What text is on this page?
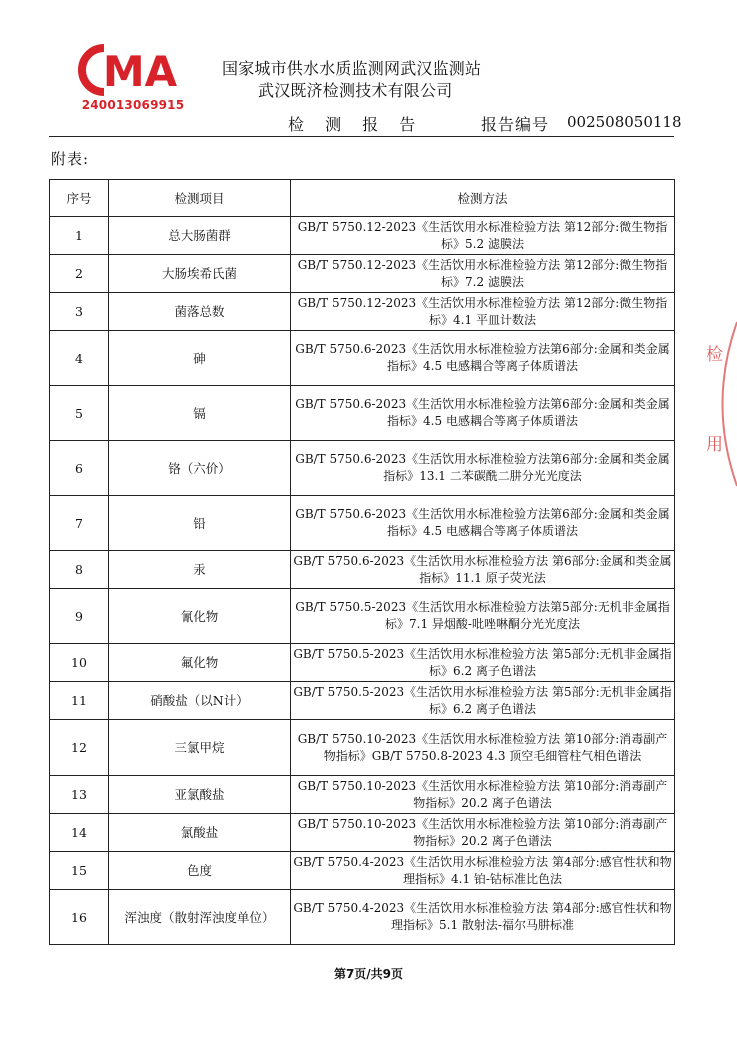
MA
240013069915
国家城市供水水质监测网武汉监测站
武汉既济检测技术有限公司
检 测 报 告	报告编号 002508050118
附表:
序号	检测项目	检测方法
1	总大肠菌群	GB/T 5750.12-2023《生活饮用水标准检验方法 第12部分:微生物指标》5.2 滤膜法
2	大肠埃希氏菌	GB/T 5750.12-2023《生活饮用水标准检验方法 第12部分:微生物指标》7.2 滤膜法
3	菌落总数	GB/T 5750.12-2023《生活饮用水标准检验方法 第12部分:微生物指标》4.1 平皿计数法
4	砷	GB/T 5750.6-2023《生活饮用水标准检验方法第6部分:金属和类金属指标》4.5 电感耦合等离子体质谱法
5	镉	GB/T 5750.6-2023《生活饮用水标准检验方法第6部分:金属和类金属指标》4.5 电感耦合等离子体质谱法
6	铬（六价）	GB/T 5750.6-2023《生活饮用水标准检验方法第6部分:金属和类金属指标》13.1 二苯碳酰二肼分光光度法
7	铅	GB/T 5750.6-2023《生活饮用水标准检验方法第6部分:金属和类金属指标》4.5 电感耦合等离子体质谱法
8	汞	GB/T 5750.6-2023《生活饮用水标准检验方法 第6部分:金属和类金属指标》11.1 原子荧光法
9	氰化物	GB/T 5750.5-2023《生活饮用水标准检验方法第5部分:无机非金属指标》7.1 异烟酸-吡唑啉酮分光光度法
10	氟化物	GB/T 5750.5-2023《生活饮用水标准检验方法 第5部分:无机非金属指标》6.2 离子色谱法
11	硝酸盐（以N计）	GB/T 5750.5-2023《生活饮用水标准检验方法 第5部分:无机非金属指标》6.2 离子色谱法
12	三氯甲烷	GB/T 5750.10-2023《生活饮用水标准检验方法 第10部分:消毒副产物指标》GB/T 5750.8-2023 4.3 顶空毛细管柱气相色谱法
13	亚氯酸盐	GB/T 5750.10-2023《生活饮用水标准检验方法 第10部分:消毒副产物指标》20.2 离子色谱法
14	氯酸盐	GB/T 5750.10-2023《生活饮用水标准检验方法 第10部分:消毒副产物指标》20.2 离子色谱法
15	色度	GB/T 5750.4-2023《生活饮用水标准检验方法 第4部分:感官性状和物理指标》4.1 铂-钴标准比色法
16	浑浊度（散射浑浊度单位）	GB/T 5750.4-2023《生活饮用水标准检验方法 第4部分:感官性状和物理指标》5.1 散射法-福尔马肼标准
第7页/共9页
检
用
